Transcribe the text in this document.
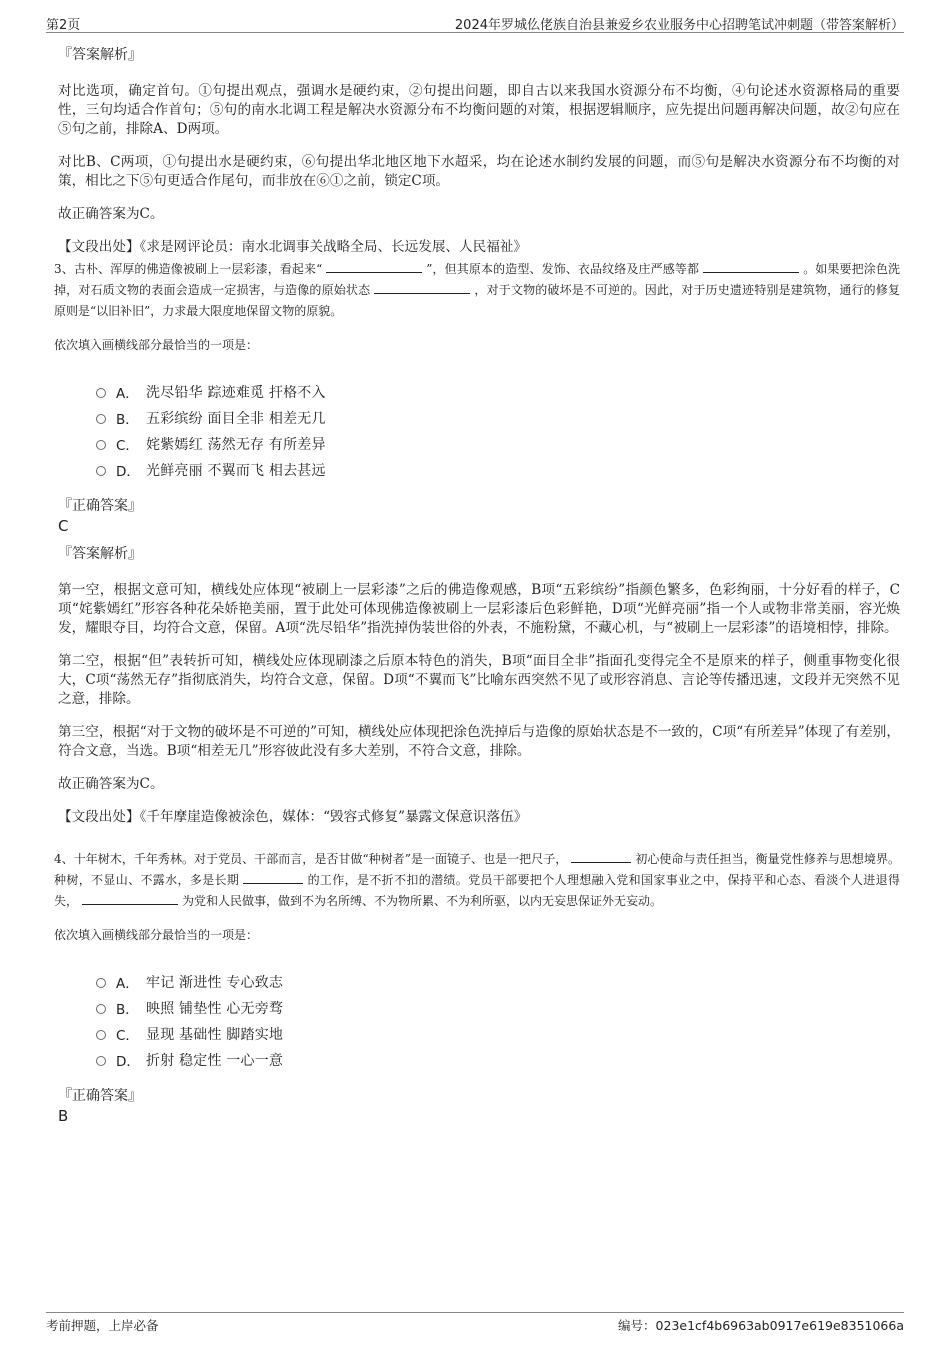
第2页	2024年罗城仫佬族自治县兼爱乡农业服务中心招聘笔试冲刺题（带答案解析）
『答案解析』
对比选项，确定首句。①句提出观点，强调水是硬约束，②句提出问题，即自古以来我国水资源分布不均衡，④句论述水资源格局的重要性，三句均适合作首句；⑤句的南水北调工程是解决水资源分布不均衡问题的对策，根据逻辑顺序，应先提出问题再解决问题，故②句应在⑤句之前，排除A、D两项。
对比B、C两项，①句提出水是硬约束，⑥句提出华北地区地下水超采，均在论述水制约发展的问题，而⑤句是解决水资源分布不均衡的对策，相比之下⑤句更适合作尾句，而非放在⑥①之前，锁定C项。
故正确答案为C。
【文段出处】《求是网评论员：南水北调事关战略全局、长远发展、人民福祉》
3、古朴、浑厚的佛造像被刷上一层彩漆，看起来“	”，但其原本的造型、发饰、衣品纹络及庄严感等都	。如果要把涂色洗掉，对石质文物的表面会造成一定损害，与造像的原始状态	，对于文物的破坏是不可逆的。因此，对于历史遗迹特别是建筑物，通行的修复原则是“以旧补旧”，力求最大限度地保留文物的原貌。
依次填入画横线部分最恰当的一项是：
A． 洗尽铅华 踪迹难觅 扞格不入
B． 五彩缤纷 面目全非 相差无几
C． 姹紫嫣红 荡然无存 有所差异
D． 光鲜亮丽 不翼而飞 相去甚远
『正确答案』
C
『答案解析』
第一空，根据文意可知，横线处应体现“被刷上一层彩漆”之后的佛造像观感，B项“五彩缤纷”指颜色繁多，色彩绚丽，十分好看的样子，C项“姹紫嫣红”形容各种花朵娇艳美丽，置于此处可体现佛造像被刷上一层彩漆后色彩鲜艳，D项“光鲜亮丽”指一个人或物非常美丽，容光焕发，耀眼夺目，均符合文意，保留。A项“洗尽铅华”指洗掉伪装世俗的外表，不施粉黛，不藏心机，与“被刷上一层彩漆”的语境相悖，排除。
第二空，根据“但”表转折可知，横线处应体现刷漆之后原本特色的消失，B项“面目全非”指面孔变得完全不是原来的样子，侧重事物变化很大，C项“荡然无存”指彻底消失，均符合文意，保留。D项“不翼而飞”比喻东西突然不见了或形容消息、言论等传播迅速，文段并无突然不见之意，排除。
第三空，根据“对于文物的破坏是不可逆的”可知，横线处应体现把涂色洗掉后与造像的原始状态是不一致的，C项“有所差异”体现了有差别，符合文意，当选。B项“相差无几”形容彼此没有多大差别，不符合文意，排除。
故正确答案为C。
【文段出处】《千年摩崖造像被涂色，媒体：“毁容式修复”暴露文保意识落伍》
4、十年树木，千年秀林。对于党员、干部而言，是否甘做“种树者”是一面镜子、也是一把尺子，	初心使命与责任担当，衡量党性修养与思想境界。种树，不显山、不露水，多是长期	的工作，是不折不扣的潜绩。党员干部要把个人理想融入党和国家事业之中，保持平和心态、看淡个人进退得失，	为党和人民做事，做到不为名所缚、不为物所累、不为利所驱，以内无妄思保证外无妄动。
依次填入画横线部分最恰当的一项是：
A． 牢记 渐进性 专心致志
B． 映照 铺垫性 心无旁骛
C． 显现 基础性 脚踏实地
D． 折射 稳定性 一心一意
『正确答案』
B
考前押题，上岸必备	编号：023e1cf4b6963ab0917e619e8351066a
